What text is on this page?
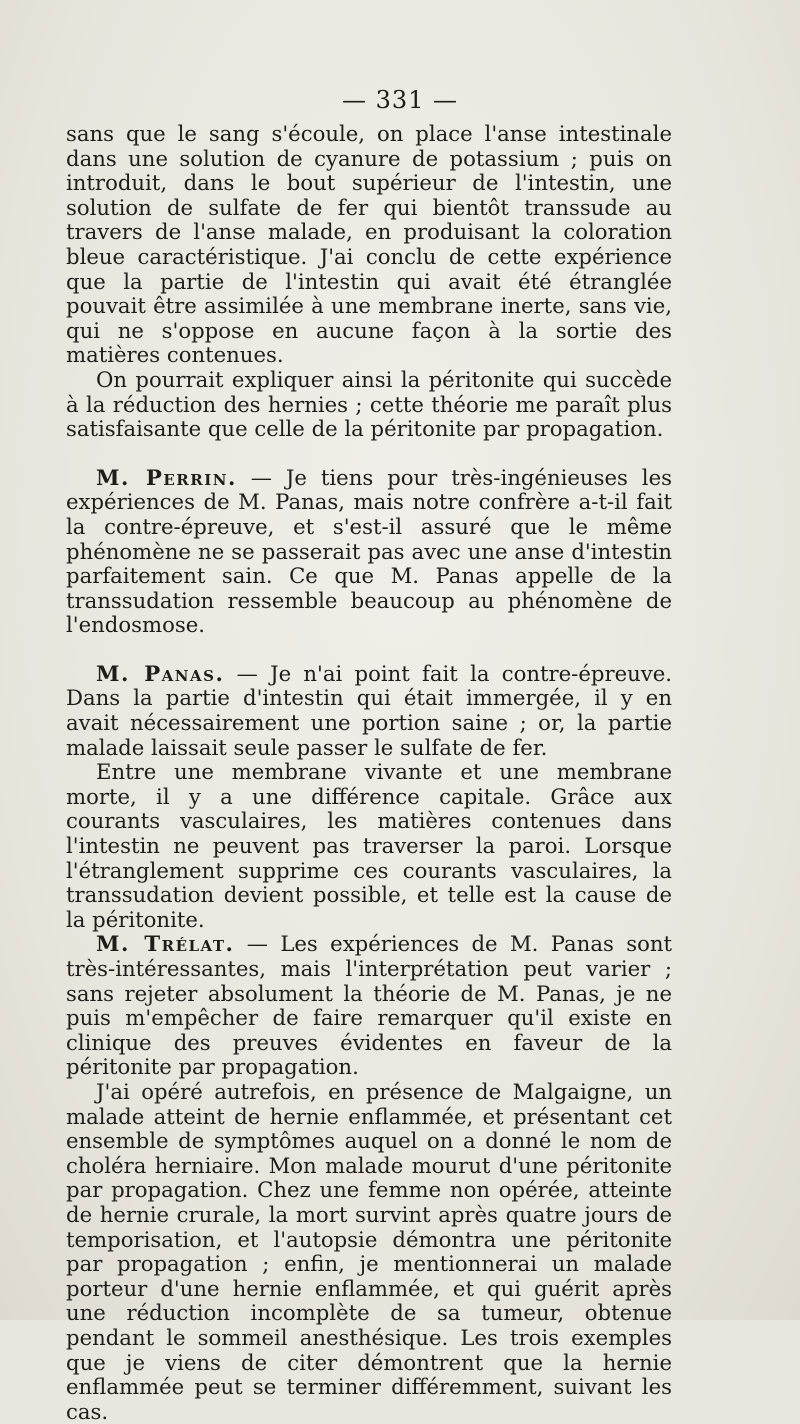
— 331 —

sans que le sang s'écoule, on place l'anse intestinale dans une solution de cyanure de potassium ; puis on introduit, dans le bout supérieur de l'intestin, une solution de sulfate de fer qui bientôt transsude au travers de l'anse malade, en produisant la coloration bleue caractéristique. J'ai conclu de cette expérience que la partie de l'intestin qui avait été étranglée pouvait être assimilée à une membrane inerte, sans vie, qui ne s'oppose en aucune façon à la sortie des matières contenues.

On pourrait expliquer ainsi la péritonite qui succède à la réduction des hernies ; cette théorie me paraît plus satisfaisante que celle de la péritonite par propagation.

M. Perrin. — Je tiens pour très-ingénieuses les expériences de M. Panas, mais notre confrère a-t-il fait la contre-épreuve, et s'est-il assuré que le même phénomène ne se passerait pas avec une anse d'intestin parfaitement sain. Ce que M. Panas appelle de la transsudation ressemble beaucoup au phénomène de l'endosmose.

M. Panas. — Je n'ai point fait la contre-épreuve. Dans la partie d'intestin qui était immergée, il y en avait nécessairement une portion saine ; or, la partie malade laissait seule passer le sulfate de fer.

Entre une membrane vivante et une membrane morte, il y a une différence capitale. Grâce aux courants vasculaires, les matières contenues dans l'intestin ne peuvent pas traverser la paroi. Lorsque l'étranglement supprime ces courants vasculaires, la transsudation devient possible, et telle est la cause de la péritonite.

M. Trélat. — Les expériences de M. Panas sont très-intéressantes, mais l'interprétation peut varier ; sans rejeter absolument la théorie de M. Panas, je ne puis m'empêcher de faire remarquer qu'il existe en clinique des preuves évidentes en faveur de la péritonite par propagation.

J'ai opéré autrefois, en présence de Malgaigne, un malade atteint de hernie enflammée, et présentant cet ensemble de symptômes auquel on a donné le nom de choléra herniaire. Mon malade mourut d'une péritonite par propagation. Chez une femme non opérée, atteinte de hernie crurale, la mort survint après quatre jours de temporisation, et l'autopsie démontra une péritonite par propagation ; enfin, je mentionnerai un malade porteur d'une hernie enflammée, et qui guérit après une réduction incomplète de sa tumeur, obtenue pendant le sommeil anesthésique. Les trois exemples que je viens de citer démontrent que la hernie enflammée peut se terminer différemment, suivant les cas.
